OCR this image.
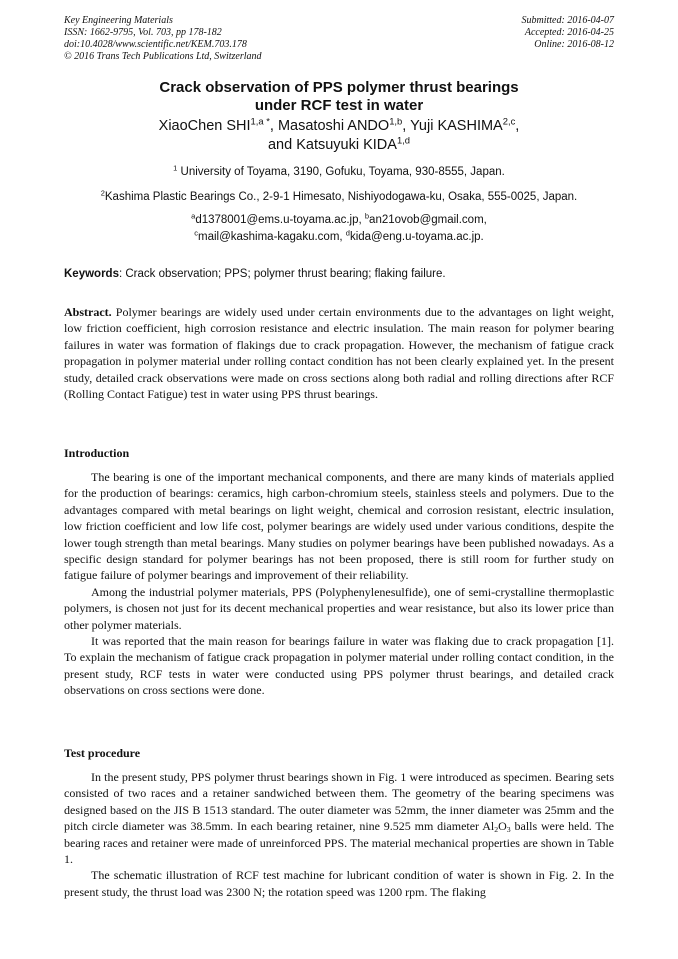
Key Engineering Materials
ISSN: 1662-9795, Vol. 703, pp 178-182
doi:10.4028/www.scientific.net/KEM.703.178
© 2016 Trans Tech Publications Ltd, Switzerland
Submitted: 2016-04-07
Accepted: 2016-04-25
Online: 2016-08-12
Crack observation of PPS polymer thrust bearings
under RCF test in water
XiaoChen $SHI^{1,a *}$, Masatoshi ANDO$^{1,b}$, Yuji KASHIMA$^{2,c}$,
and Katsuyuki KIDA$^{1,d}$
$^1$ University of Toyama, 3190, Gofuku, Toyama, 930-8555, Japan.
$^2$Kashima Plastic Bearings Co., 2-9-1 Himesato, Nishiyodogawa-ku, Osaka, 555-0025, Japan.
$^a$d1378001@ems.u-toyama.ac.jp, $^b$an21ovob@gmail.com,
$^c$mail@kashima-kagaku.com, $^d$kida@eng.u-toyama.ac.jp.
Keywords: Crack observation; PPS; polymer thrust bearing; flaking failure.

Abstract. Polymer bearings are widely used under certain environments due to the advantages on light weight, low friction coefficient, high corrosion resistance and electric insulation. The main reason for polymer bearing failures in water was formation of flakings due to crack propagation. However, the mechanism of fatigue crack propagation in polymer material under rolling contact condition has not been clearly explained yet. In the present study, detailed crack observations were made on cross sections along both radial and rolling directions after RCF (Rolling Contact Fatigue) test in water using PPS thrust bearings.

Introduction

The bearing is one of the important mechanical components, and there are many kinds of materials applied for the production of bearings: ceramics, high carbon-chromium steels, stainless steels and polymers. Due to the advantages compared with metal bearings on light weight, chemical and corrosion resistant, electric insulation, low friction coefficient and low life cost, polymer bearings are widely used under various conditions, despite the lower tough strength than metal bearings. Many studies on polymer bearings have been published nowadays. As a specific design standard for polymer bearings has not been proposed, there is still room for further study on fatigue failure of polymer bearings and improvement of their reliability.

Among the industrial polymer materials, PPS (Polyphenylenesulfide), one of semi-crystalline thermoplastic polymers, is chosen not just for its decent mechanical properties and wear resistance, but also its lower price than other polymer materials.

It was reported that the main reason for bearings failure in water was flaking due to crack propagation [1]. To explain the mechanism of fatigue crack propagation in polymer material under rolling contact condition, in the present study, RCF tests in water were conducted using PPS polymer thrust bearings, and detailed crack observations on cross sections were done.

Test procedure

In the present study, PPS polymer thrust bearings shown in Fig. 1 were introduced as specimen. Bearing sets consisted of two races and a retainer sandwiched between them. The geometry of the bearing specimens was designed based on the JIS B 1513 standard. The outer diameter was 52mm, the inner diameter was 25mm and the pitch circle diameter was 38.5mm. In each bearing retainer, nine 9.525 mm diameter $Al_2O_3$ balls were held. The bearing races and retainer were made of unreinforced PPS. The material mechanical properties are shown in Table 1.

The schematic illustration of RCF test machine for lubricant condition of water is shown in Fig. 2. In the present study, the thrust load was 2300 N; the rotation speed was 1200 rpm. The flaking
